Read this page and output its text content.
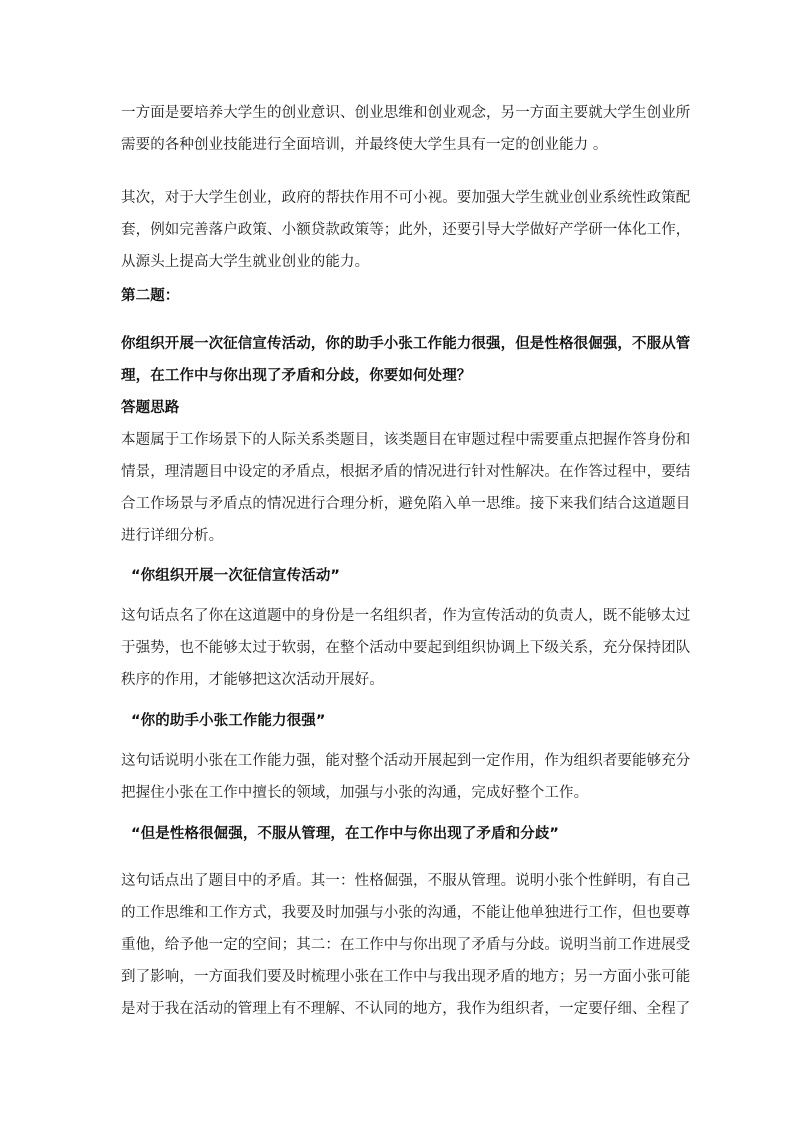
一方面是要培养大学生的创业意识、创业思维和创业观念，另一方面主要就大学生创业所
需要的各种创业技能进行全面培训，并最终使大学生具有一定的创业能力 。
其次，对于大学生创业，政府的帮扶作用不可小视。要加强大学生就业创业系统性政策配
套，例如完善落户政策、小额贷款政策等；此外，还要引导大学做好产学研一体化工作，
从源头上提高大学生就业创业的能力。
第二题：
你组织开展一次征信宣传活动，你的助手小张工作能力很强，但是性格很倔强，不服从管
理，在工作中与你出现了矛盾和分歧，你要如何处理？
答题思路
本题属于工作场景下的人际关系类题目，该类题目在审题过程中需要重点把握作答身份和
情景，理清题目中设定的矛盾点，根据矛盾的情况进行针对性解决。在作答过程中，要结
合工作场景与矛盾点的情况进行合理分析，避免陷入单一思维。接下来我们结合这道题目
进行详细分析。
“你组织开展一次征信宣传活动”
这句话点名了你在这道题中的身份是一名组织者，作为宣传活动的负责人，既不能够太过
于强势，也不能够太过于软弱，在整个活动中要起到组织协调上下级关系，充分保持团队
秩序的作用，才能够把这次活动开展好。
“你的助手小张工作能力很强”
这句话说明小张在工作能力强，能对整个活动开展起到一定作用，作为组织者要能够充分
把握住小张在工作中擅长的领域，加强与小张的沟通，完成好整个工作。
“但是性格很倔强，不服从管理，在工作中与你出现了矛盾和分歧”
这句话点出了题目中的矛盾。其一：性格倔强，不服从管理。说明小张个性鲜明，有自己
的工作思维和工作方式，我要及时加强与小张的沟通，不能让他单独进行工作，但也要尊
重他，给予他一定的空间；其二：在工作中与你出现了矛盾与分歧。说明当前工作进展受
到了影响，一方面我们要及时梳理小张在工作中与我出现矛盾的地方；另一方面小张可能
是对于我在活动的管理上有不理解、不认同的地方，我作为组织者，一定要仔细、全程了
